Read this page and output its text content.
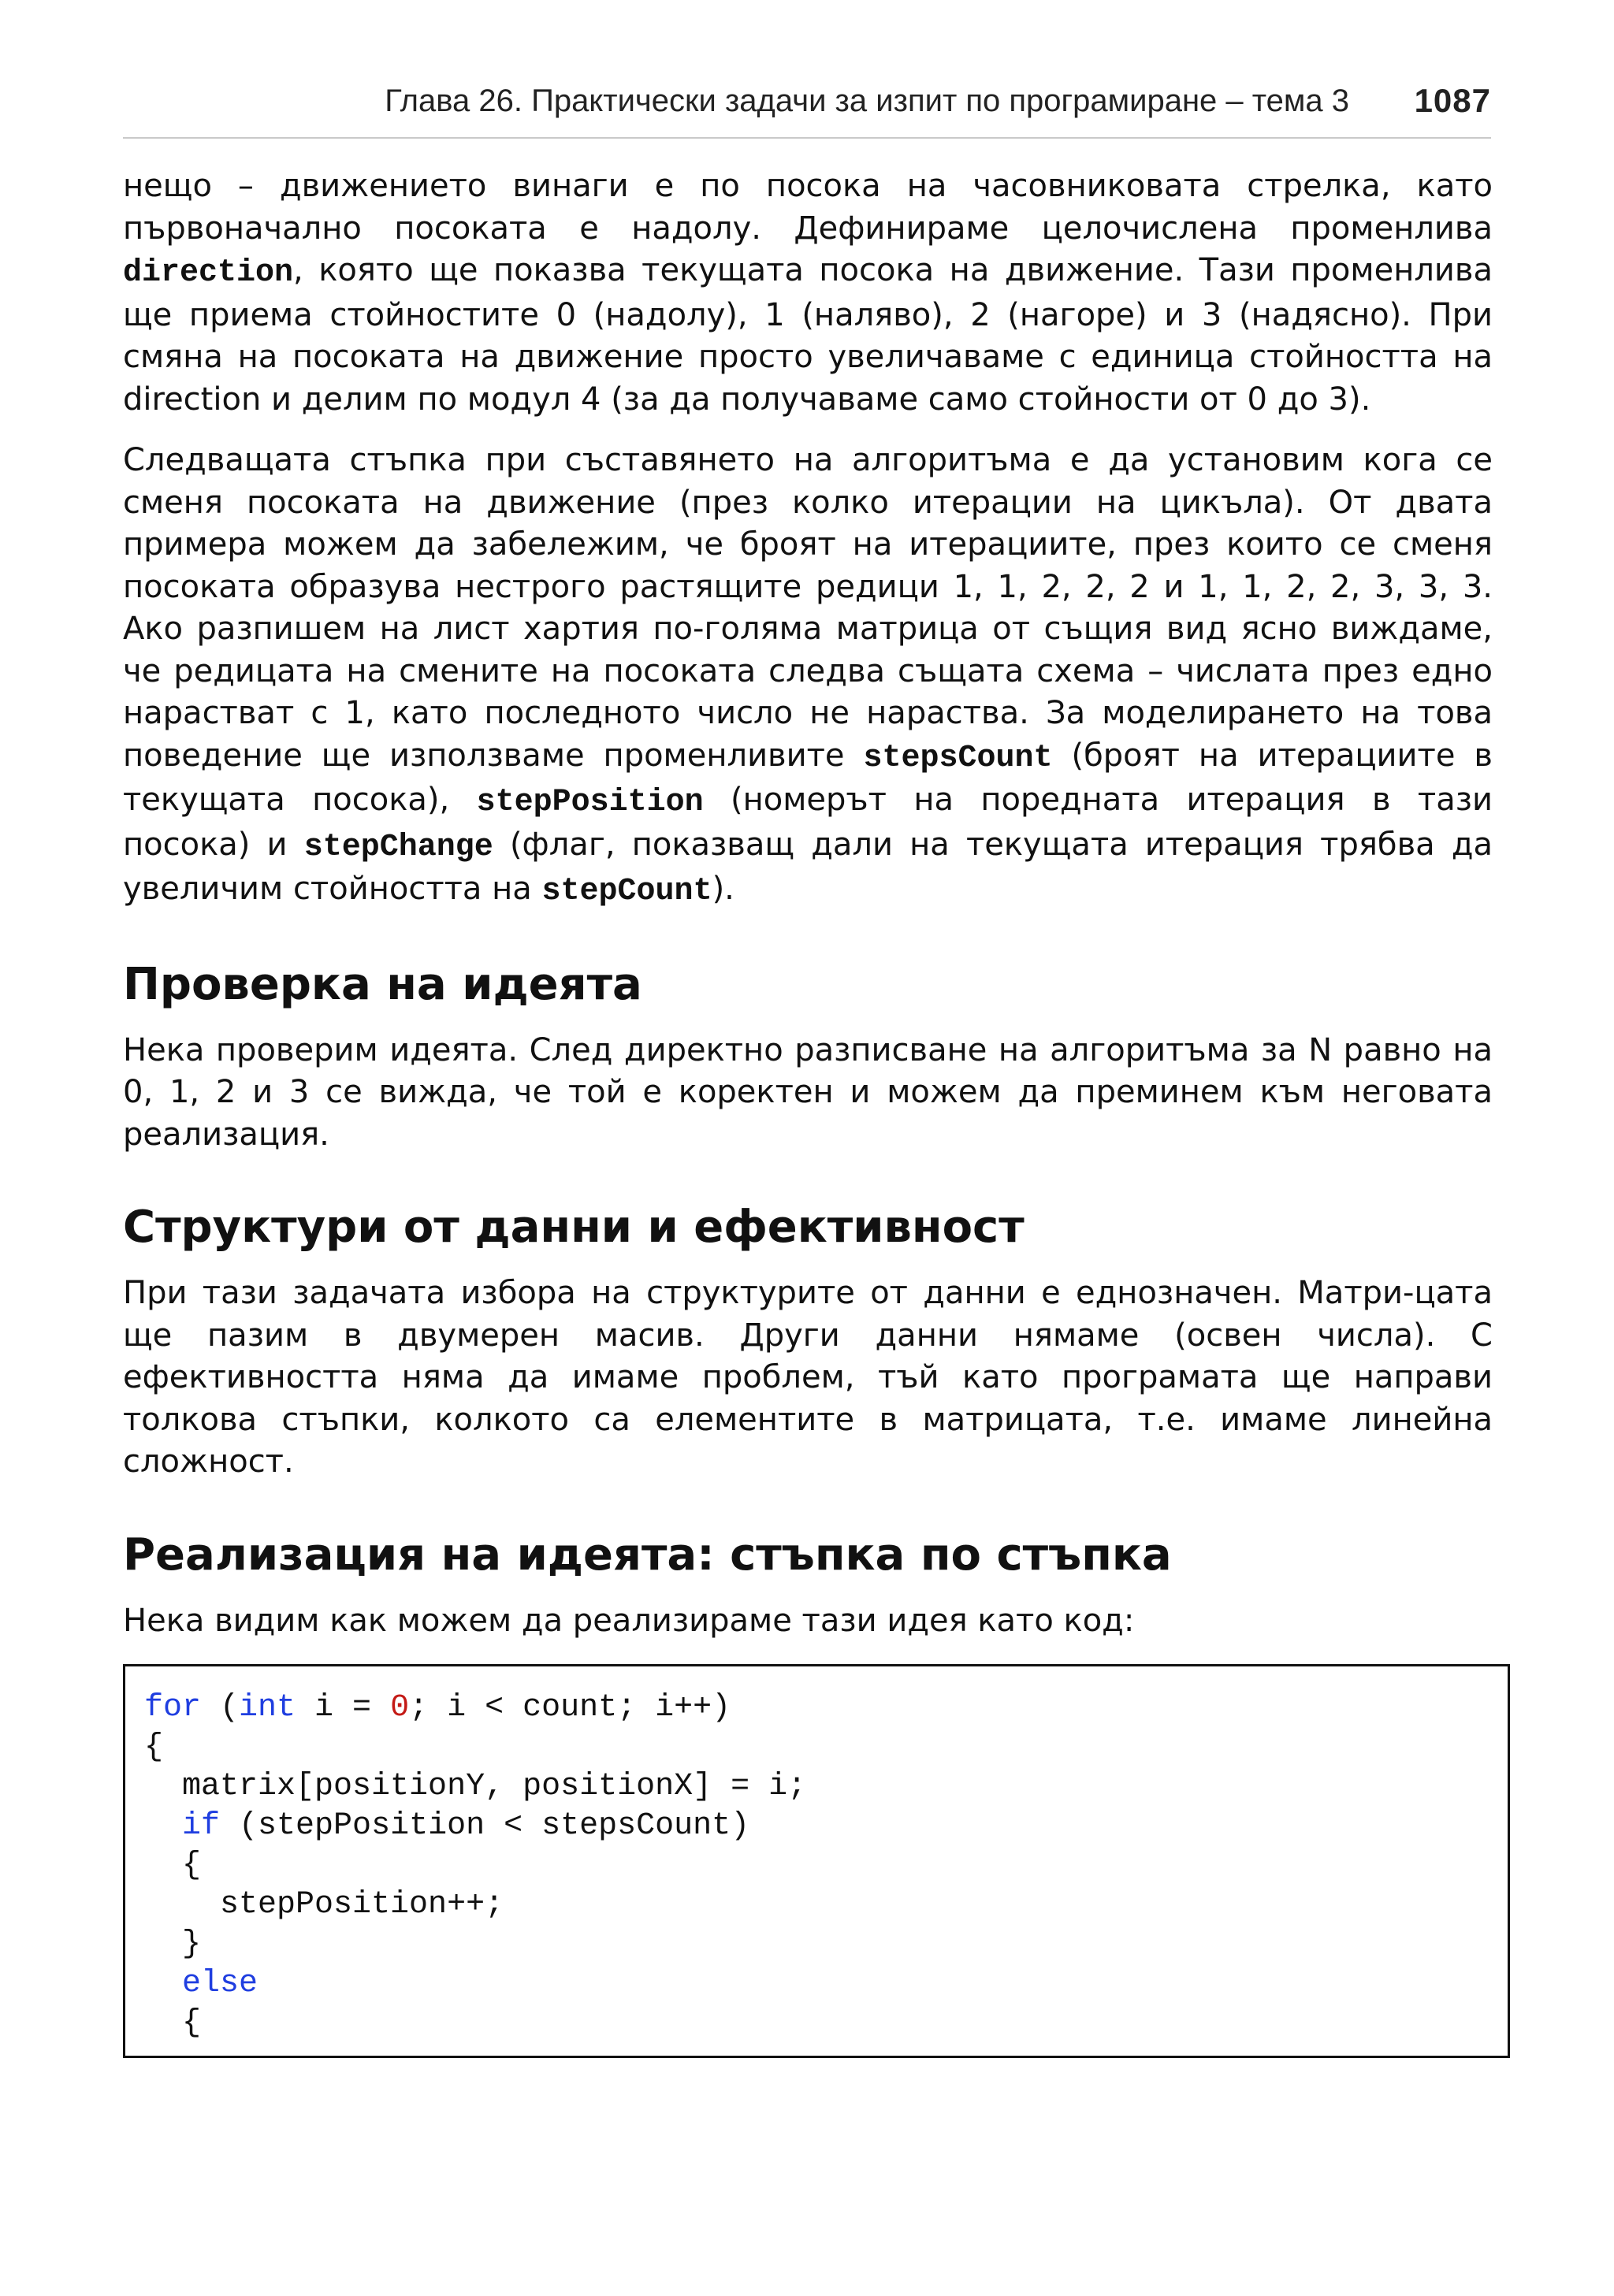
Глава 26. Практически задачи за изпит по програмиране – тема 3 1087

нещо – движението винаги е по посока на часовниковата стрелка, като първоначално посоката е надолу. Дефинираме целочислена променлива direction, която ще показва текущата посока на движение. Тази променлива ще приема стойностите 0 (надолу), 1 (наляво), 2 (нагоре) и 3 (надясно). При смяна на посоката на движение просто увеличаваме с единица стойността на direction и делим по модул 4 (за да получаваме само стойности от 0 до 3).

Следващата стъпка при съставянето на алгоритъма е да установим кога се сменя посоката на движение (през колко итерации на цикъла). От двата примера можем да забележим, че броят на итерациите, през които се сменя посоката образува нестрого растящите редици 1, 1, 2, 2, 2 и 1, 1, 2, 2, 3, 3, 3. Ако разпишем на лист хартия по-голяма матрица от същия вид ясно виждаме, че редицата на смените на посоката следва същата схема – числата през едно нарастват с 1, като последното число не нараства. За моделирането на това поведение ще използваме променливите stepsCount (броят на итерациите в текущата посока), stepPosition (номерът на поредната итерация в тази посока) и stepChange (флаг, показващ дали на текущата итерация трябва да увеличим стойността на stepCount).

Проверка на идеята

Нека проверим идеята. След директно разписване на алгоритъма за N равно на 0, 1, 2 и 3 се вижда, че той е коректен и можем да преминем към неговата реализация.

Структури от данни и ефективност

При тази задачата избора на структурите от данни е еднозначен. Матри-цата ще пазим в двумерен масив. Други данни нямаме (освен числа). С ефективността няма да имаме проблем, тъй като програмата ще направи толкова стъпки, колкото са елементите в матрицата, т.е. имаме линейна сложност.

Реализация на идеята: стъпка по стъпка

Нека видим как можем да реализираме тази идея като код:

for (int i = 0; i < count; i++)
{
matrix[positionY, positionX] = i;
if (stepPosition < stepsCount)
{
stepPosition++;
}
else
{
